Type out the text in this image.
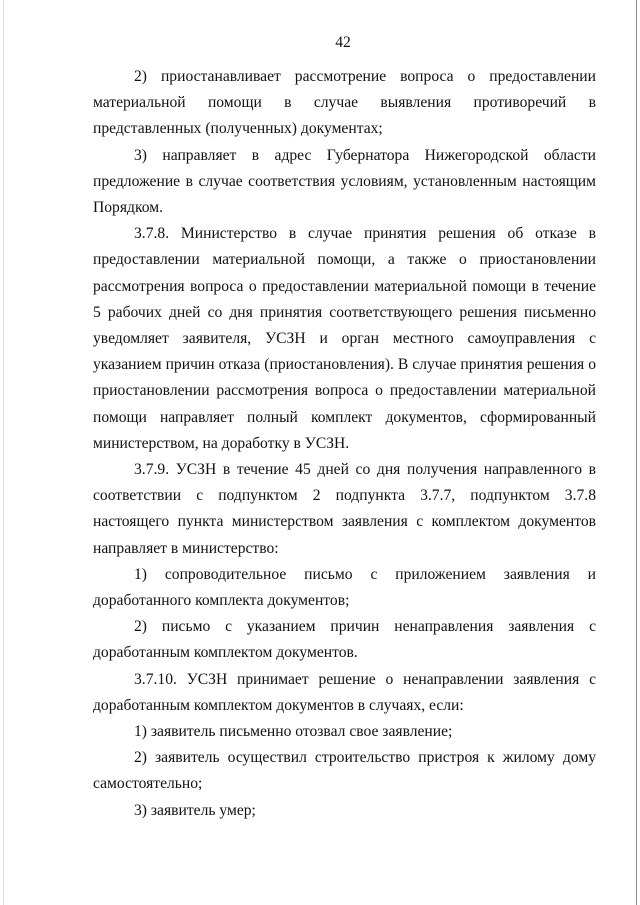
42

2) приостанавливает рассмотрение вопроса о предоставлении материальной помощи в случае выявления противоречий в представленных (полученных) документах;

3) направляет в адрес Губернатора Нижегородской области предложение в случае соответствия условиям, установленным настоящим Порядком.

3.7.8. Министерство в случае принятия решения об отказе в предоставлении материальной помощи, а также о приостановлении рассмотрения вопроса о предоставлении материальной помощи в течение 5 рабочих дней со дня принятия соответствующего решения письменно уведомляет заявителя, УСЗН и орган местного самоуправления с указанием причин отказа (приостановления). В случае принятия решения о приостановлении рассмотрения вопроса о предоставлении материальной помощи направляет полный комплект документов, сформированный министерством, на доработку в УСЗН.

3.7.9. УСЗН в течение 45 дней со дня получения направленного в соответствии с подпунктом 2 подпункта 3.7.7, подпунктом 3.7.8 настоящего пункта министерством заявления с комплектом документов направляет в министерство:

1) сопроводительное письмо с приложением заявления и доработанного комплекта документов;

2) письмо с указанием причин ненаправления заявления с доработанным комплектом документов.

3.7.10. УСЗН принимает решение о ненаправлении заявления с доработанным комплектом документов в случаях, если:

1) заявитель письменно отозвал свое заявление;

2) заявитель осуществил строительство пристроя к жилому дому самостоятельно;

3) заявитель умер;
